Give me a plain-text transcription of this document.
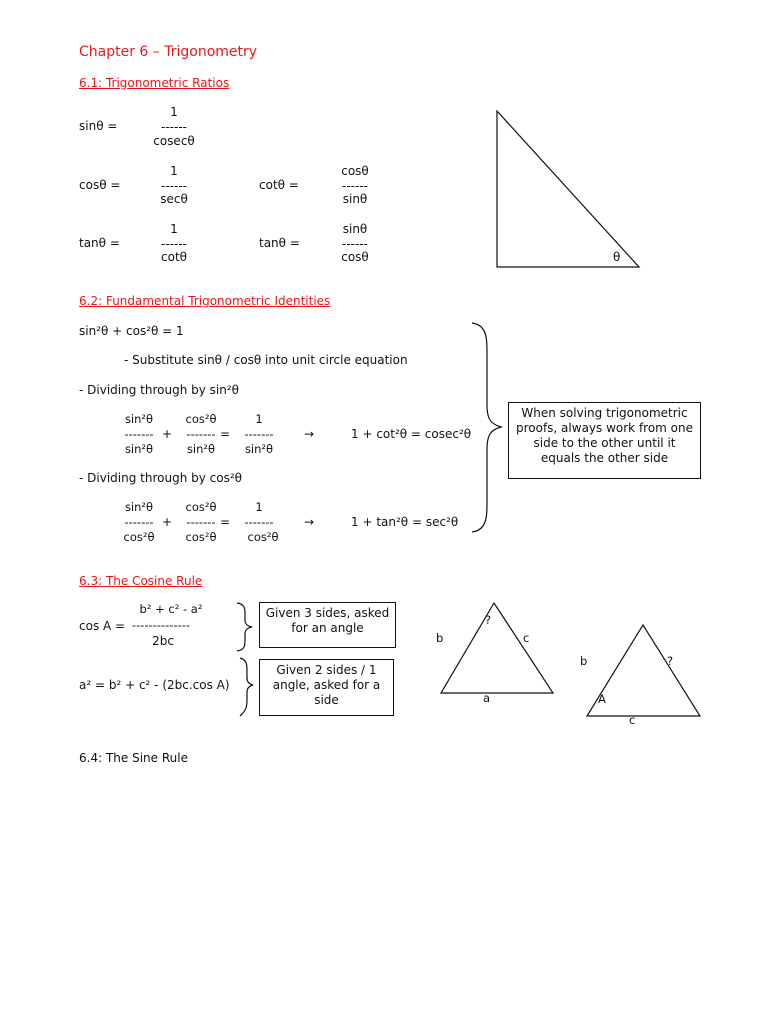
Chapter 6 – Trigonometry
6.1: Trigonometric Ratios
sinθ =
1
------
cosecθ
cosθ =
1
------
secθ
cotθ =
cosθ
------
sinθ
tanθ =
1
------
cotθ
tanθ =
sinθ
------
cosθ	θ
6.2: Fundamental Trigonometric Identities
sin²θ + cos²θ = 1
- Substitute sinθ / cosθ into unit circle equation
- Dividing through by sin²θ
sin²θ
-------
sin²θ
+
cos²θ
-------
sin²θ
=
1
-------
sin²θ
→	1 + cot²θ = cosec²θ
- Dividing through by cos²θ
sin²θ
-------
cos²θ
+
cos²θ
-------
cos²θ
=
1
-------
cos²θ
→	1 + tan²θ = sec²θ
When solving trigonometric proofs, always work from one side to the other until it equals the other side
6.3: The Cosine Rule
cos A =
b² + c² - a²
--------------
2bc
a² = b² + c² - (2bc.cos A)
Given 3 sides, asked for an angle
Given 2 sides / 1 angle, asked for a side
b
?
c
a
b	?
A
c
6.4: The Sine Rule
